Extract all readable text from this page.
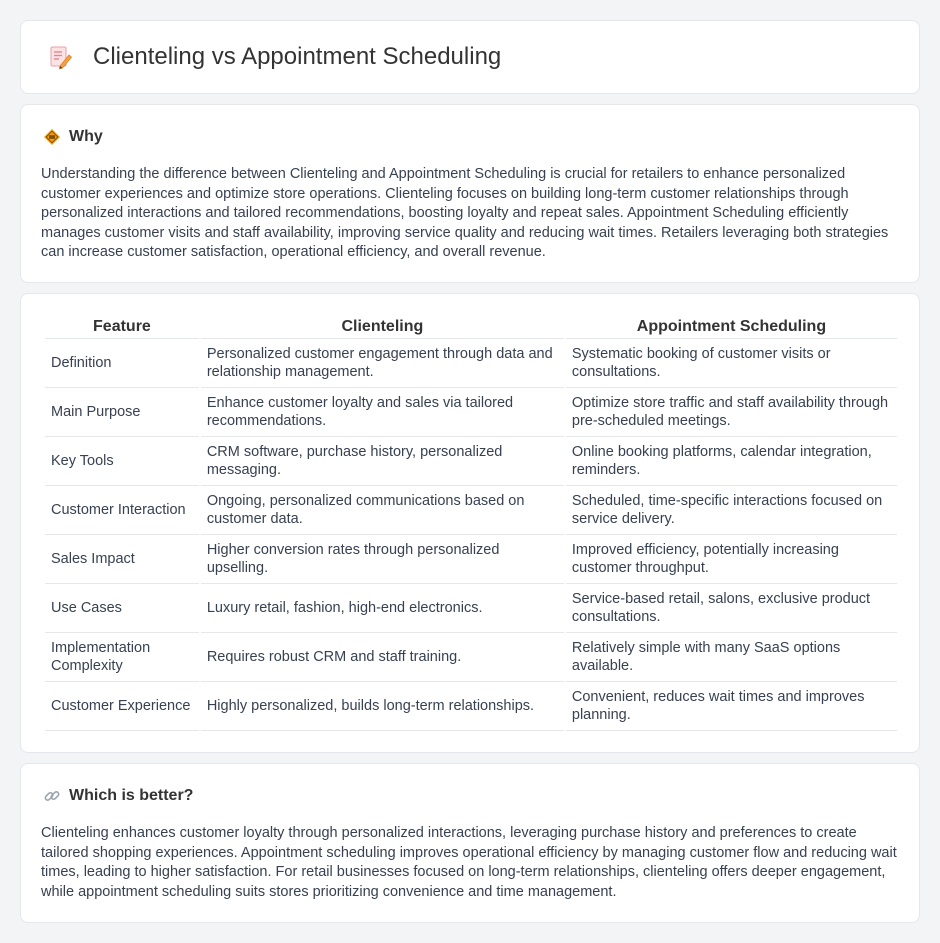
Clienteling vs Appointment Scheduling
Why

Understanding the difference between Clienteling and Appointment Scheduling is crucial for retailers to enhance personalized customer experiences and optimize store operations. Clienteling focuses on building long-term customer relationships through personalized interactions and tailored recommendations, boosting loyalty and repeat sales. Appointment Scheduling efficiently manages customer visits and staff availability, improving service quality and reducing wait times. Retailers leveraging both strategies can increase customer satisfaction, operational efficiency, and overall revenue.

Feature	Clienteling	Appointment Scheduling
Definition	Personalized customer engagement through data and relationship management.	Systematic booking of customer visits or consultations.
Main Purpose	Enhance customer loyalty and sales via tailored recommendations.	Optimize store traffic and staff availability through pre-scheduled meetings.
Key Tools	CRM software, purchase history, personalized messaging.	Online booking platforms, calendar integration, reminders.
Customer Interaction	Ongoing, personalized communications based on customer data.	Scheduled, time-specific interactions focused on service delivery.
Sales Impact	Higher conversion rates through personalized upselling.	Improved efficiency, potentially increasing customer throughput.
Use Cases	Luxury retail, fashion, high-end electronics.	Service-based retail, salons, exclusive product consultations.
Implementation Complexity	Requires robust CRM and staff training.	Relatively simple with many SaaS options available.
Customer Experience	Highly personalized, builds long-term relationships.	Convenient, reduces wait times and improves planning.
Which is better?

Clienteling enhances customer loyalty through personalized interactions, leveraging purchase history and preferences to create tailored shopping experiences. Appointment scheduling improves operational efficiency by managing customer flow and reducing wait times, leading to higher satisfaction. For retail businesses focused on long-term relationships, clienteling offers deeper engagement, while appointment scheduling suits stores prioritizing convenience and time management.
